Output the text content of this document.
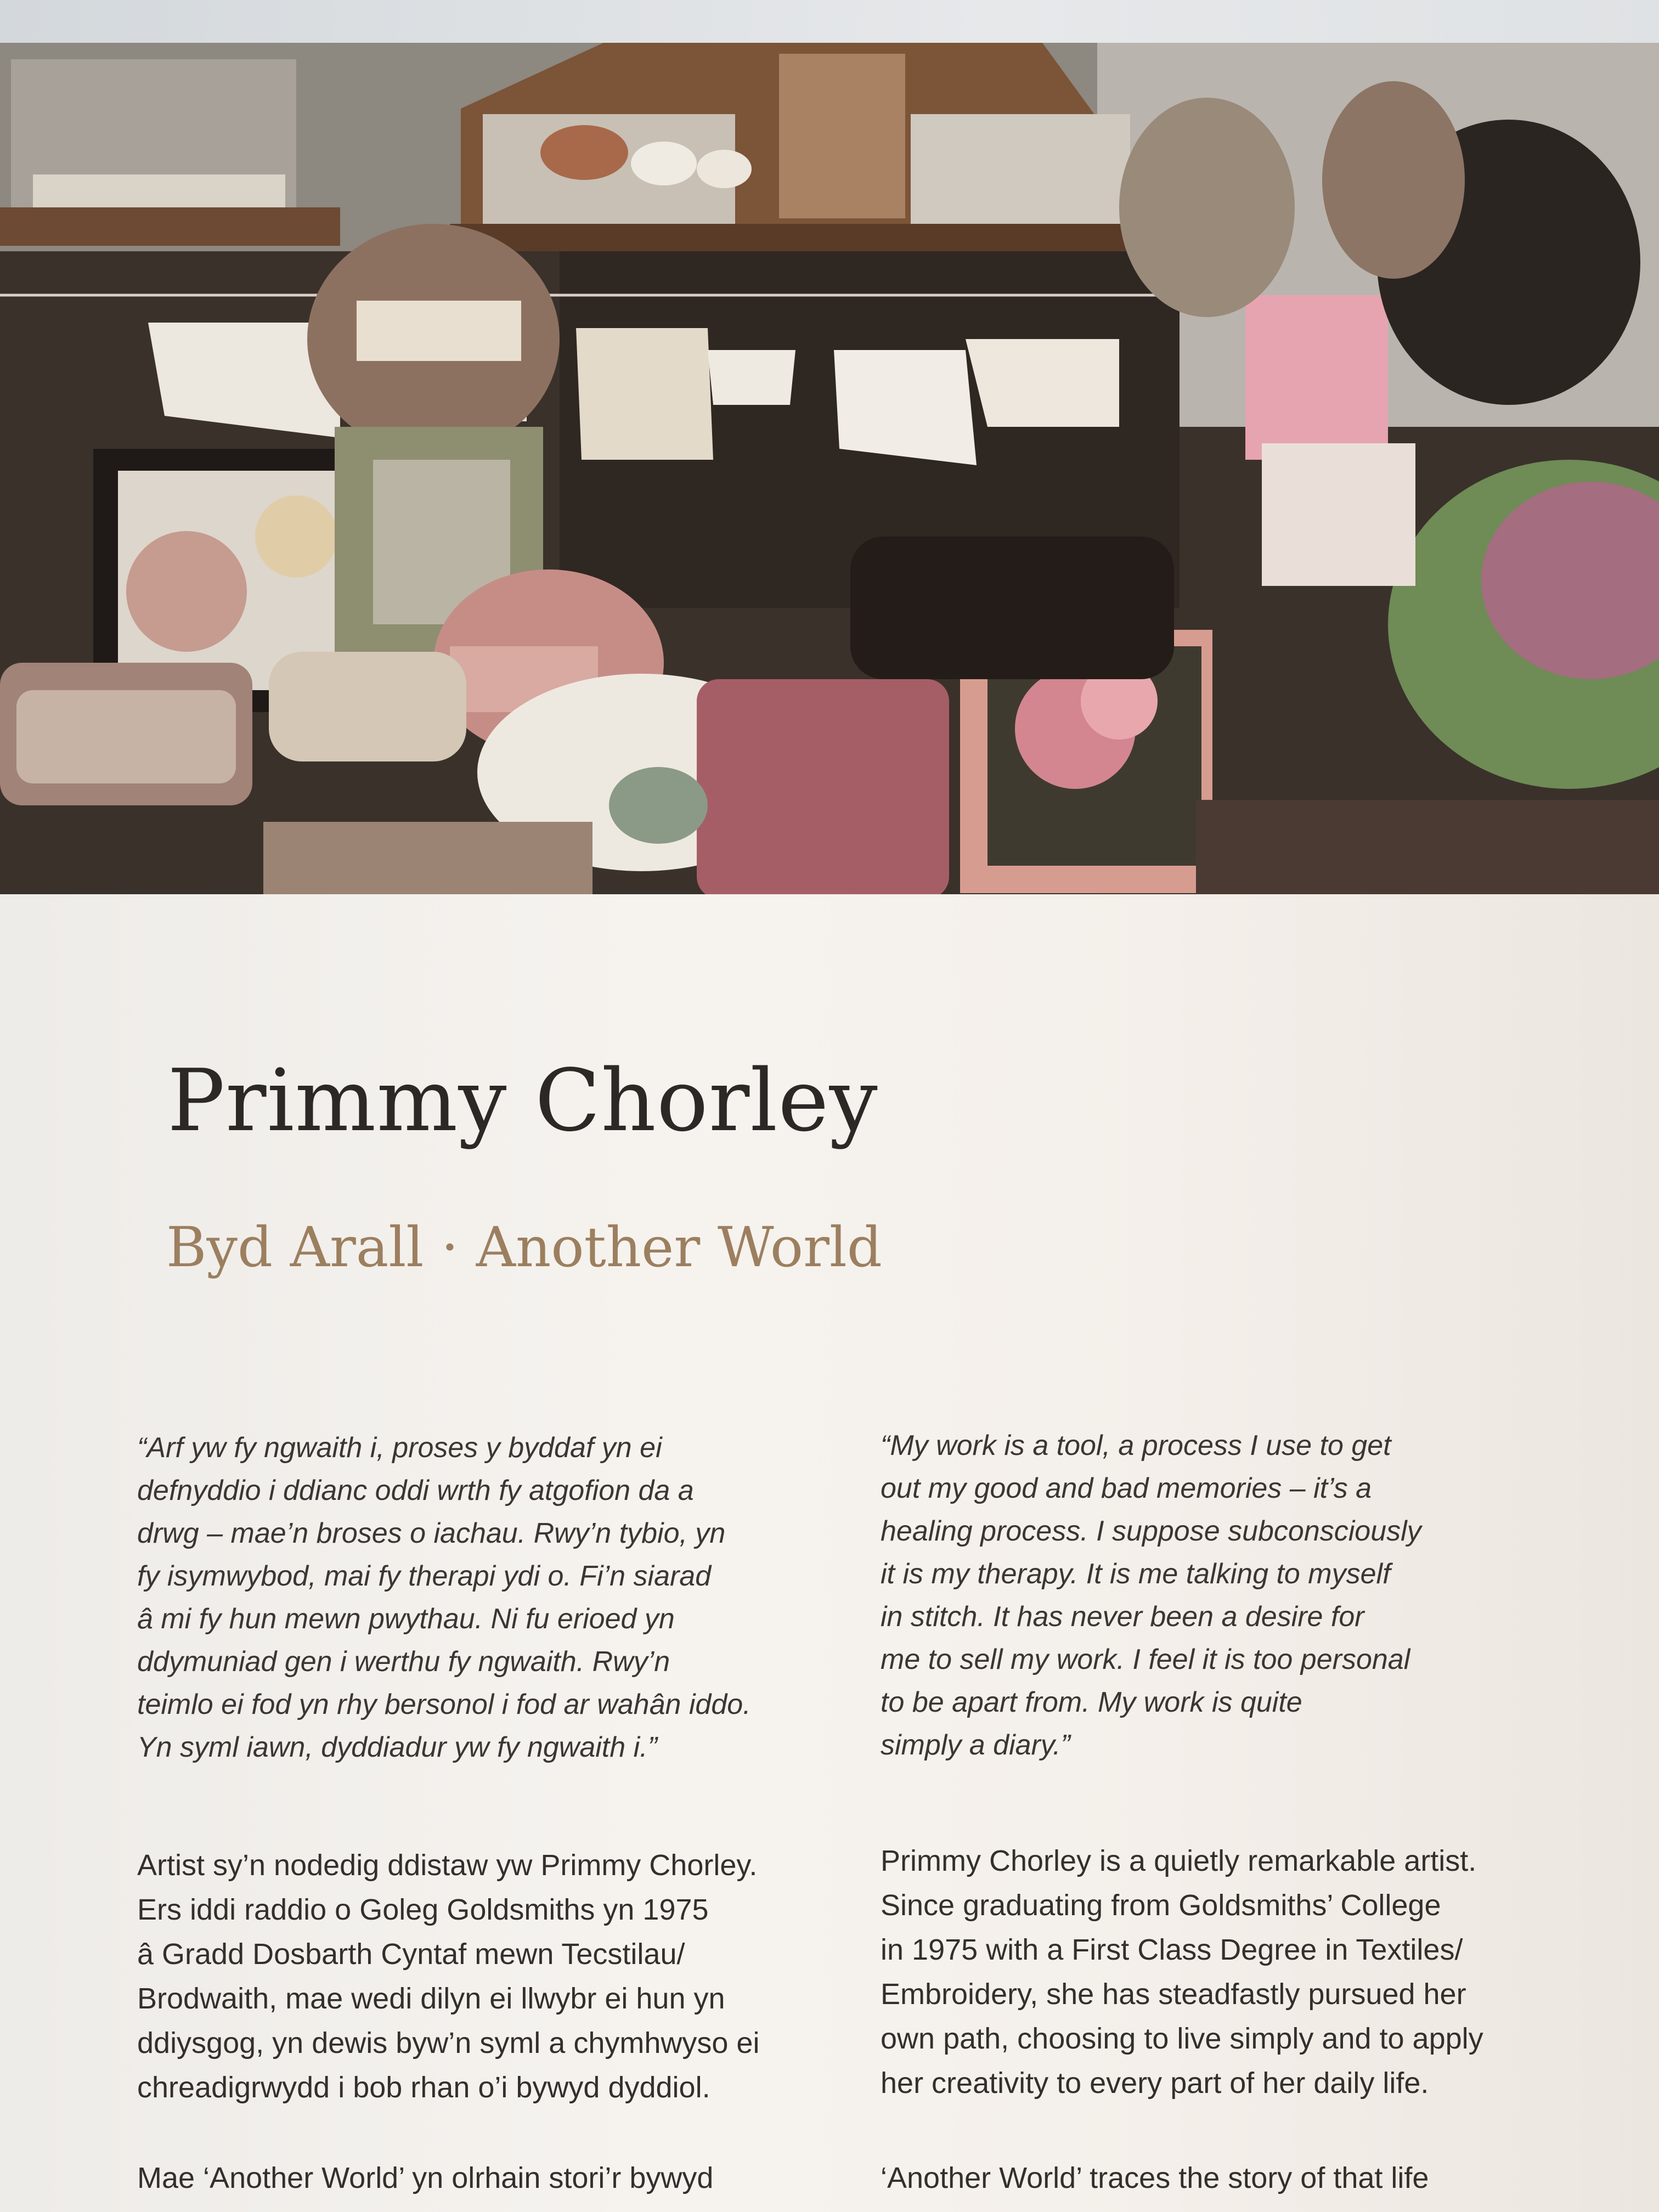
Primmy Chorley
Byd Arall · Another World

“Arf yw fy ngwaith i, proses y byddaf yn ei
defnyddio i ddianc oddi wrth fy atgofion da a
drwg – mae’n broses o iachau. Rwy’n tybio, yn
fy isymwybod, mai fy therapi ydi o. Fi’n siarad
â mi fy hun mewn pwythau. Ni fu erioed yn
ddymuniad gen i werthu fy ngwaith. Rwy’n
teimlo ei fod yn rhy bersonol i fod ar wahân iddo.
Yn syml iawn, dyddiadur yw fy ngwaith i.”

“My work is a tool, a process I use to get
out my good and bad memories – it’s a
healing process. I suppose subconsciously
it is my therapy. It is me talking to myself
in stitch. It has never been a desire for
me to sell my work. I feel it is too personal
to be apart from. My work is quite
simply a diary.”

Artist sy’n nodedig ddistaw yw Primmy Chorley.
Ers iddi raddio o Goleg Goldsmiths yn 1975
â Gradd Dosbarth Cyntaf mewn Tecstilau/
Brodwaith, mae wedi dilyn ei llwybr ei hun yn
ddiysgog, yn dewis byw’n syml a chymhwyso ei
chreadigrwydd i bob rhan o’i bywyd dyddiol.

Primmy Chorley is a quietly remarkable artist.
Since graduating from Goldsmiths’ College
in 1975 with a First Class Degree in Textiles/
Embroidery, she has steadfastly pursued her
own path, choosing to live simply and to apply
her creativity to every part of her daily life.

Mae ‘Another World’ yn olrhain stori’r bywyd	‘Another World’ traces the story of that life
